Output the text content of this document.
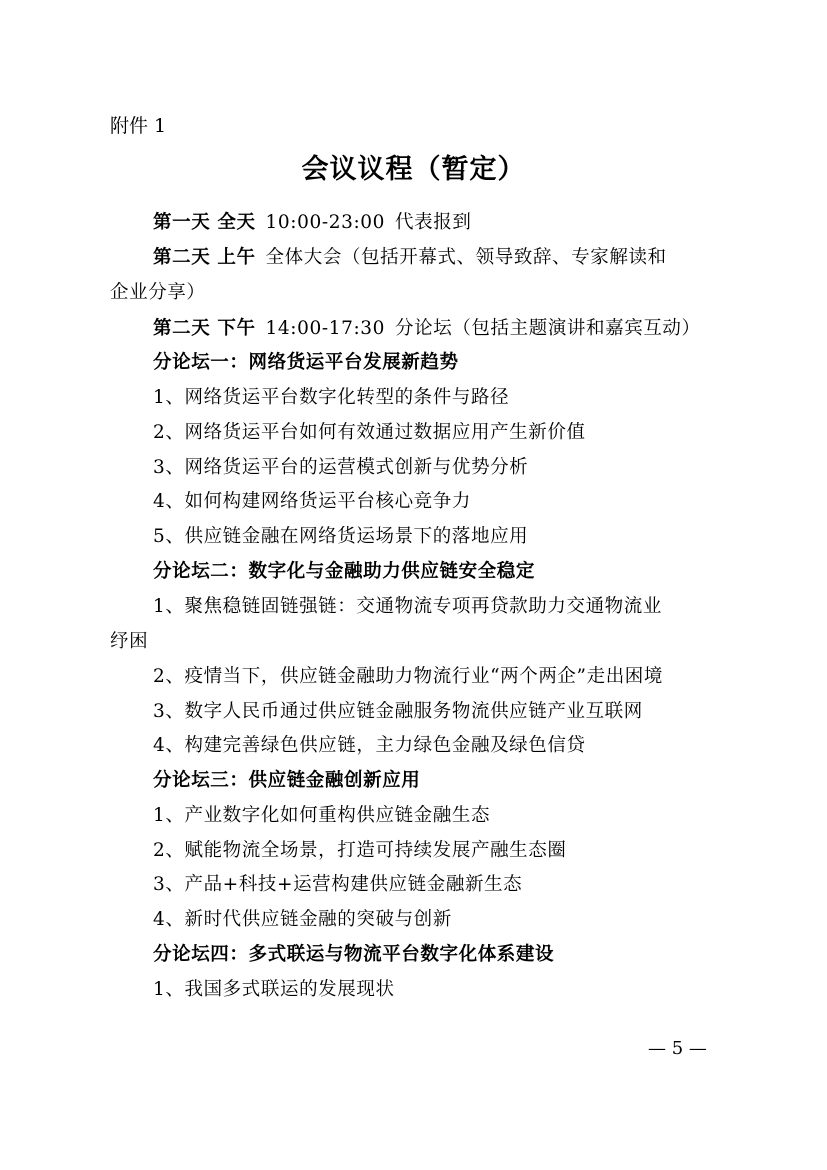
附件 1
会议议程（暂定）
第一天 全天 10:00-23:00 代表报到
第二天 上午 全体大会（包括开幕式、领导致辞、专家解读和
企业分享）
第二天 下午 14:00-17:30 分论坛（包括主题演讲和嘉宾互动）
分论坛一：网络货运平台发展新趋势
1、网络货运平台数字化转型的条件与路径
2、网络货运平台如何有效通过数据应用产生新价值
3、网络货运平台的运营模式创新与优势分析
4、如何构建网络货运平台核心竞争力
5、供应链金融在网络货运场景下的落地应用
分论坛二：数字化与金融助力供应链安全稳定
1、聚焦稳链固链强链：交通物流专项再贷款助力交通物流业
纾困
2、疫情当下，供应链金融助力物流行业“两个两企”走出困境
3、数字人民币通过供应链金融服务物流供应链产业互联网
4、构建完善绿色供应链，主力绿色金融及绿色信贷
分论坛三：供应链金融创新应用
1、产业数字化如何重构供应链金融生态
2、赋能物流全场景，打造可持续发展产融生态圈
3、产品+科技+运营构建供应链金融新生态
4、新时代供应链金融的突破与创新
分论坛四：多式联运与物流平台数字化体系建设
1、我国多式联运的发展现状
— 5 —
